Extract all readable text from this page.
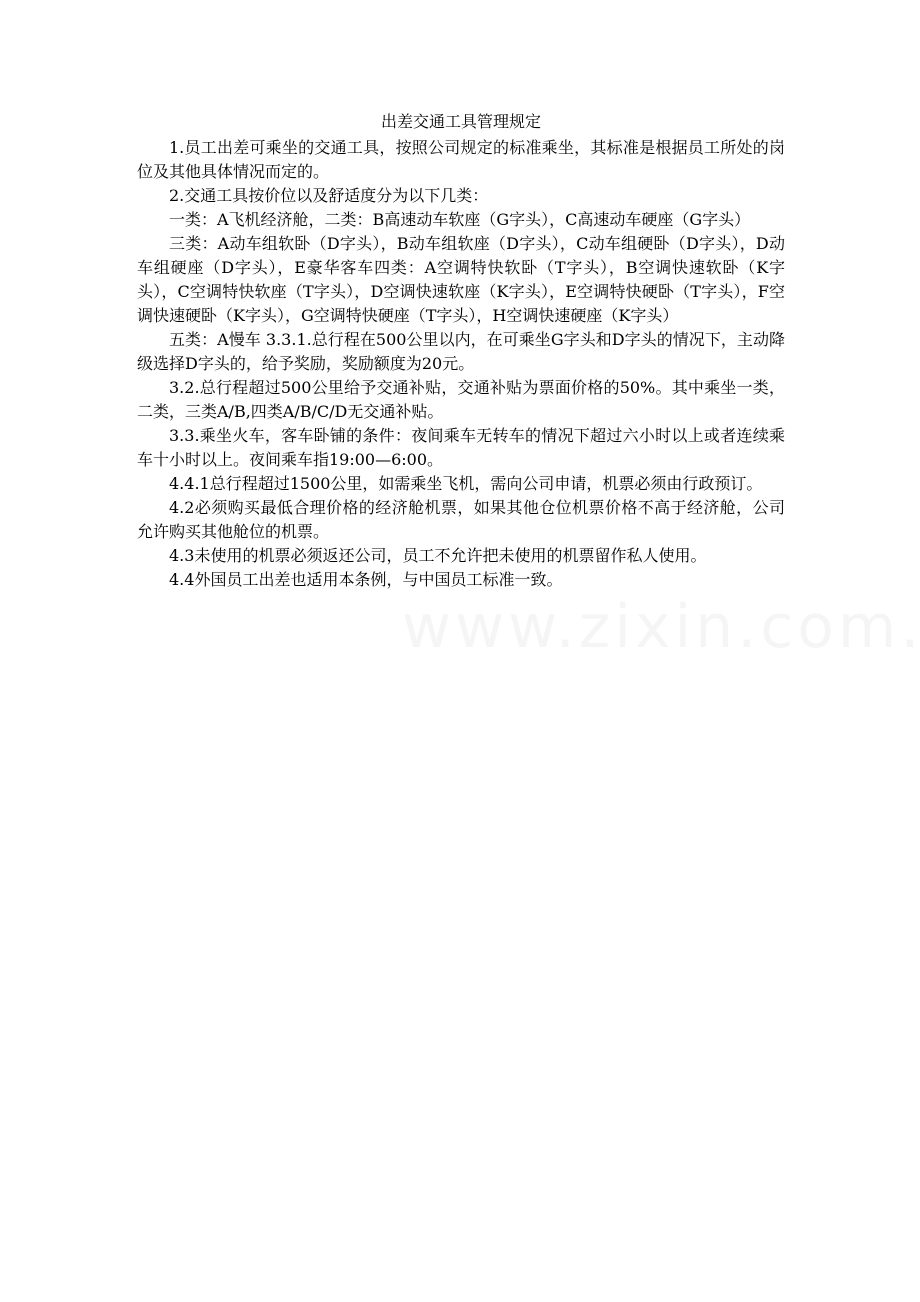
出差交通工具管理规定

1.员工出差可乘坐的交通工具，按照公司规定的标准乘坐，其标准是根据员工所处的岗位及其他具体情况而定的。

2.交通工具按价位以及舒适度分为以下几类：

一类：A飞机经济舱，二类：B高速动车软座（G字头），C高速动车硬座（G字头）

三类：A动车组软卧（D字头），B动车组软座（D字头），C动车组硬卧（D字头），D动车组硬座（D字头），E豪华客车四类：A空调特快软卧（T字头），B空调快速软卧（K字头），C空调特快软座（T字头），D空调快速软座（K字头），E空调特快硬卧（T字头），F空调快速硬卧（K字头），G空调特快硬座（T字头），H空调快速硬座（K字头）

五类：A慢车 3.3.1.总行程在500公里以内，在可乘坐G字头和D字头的情况下，主动降级选择D字头的，给予奖励，奖励额度为20元。

3.2.总行程超过500公里给予交通补贴，交通补贴为票面价格的50%。其中乘坐一类，二类，三类A/B,四类A/B/C/D无交通补贴。

3.3.乘坐火车，客车卧铺的条件：夜间乘车无转车的情况下超过六小时以上或者连续乘车十小时以上。夜间乘车指19:00—6:00。

4.4.1总行程超过1500公里，如需乘坐飞机，需向公司申请，机票必须由行政预订。

4.2必须购买最低合理价格的经济舱机票，如果其他仓位机票价格不高于经济舱，公司允许购买其他舱位的机票。

4.3未使用的机票必须返还公司，员工不允许把未使用的机票留作私人使用。

4.4外国员工出差也适用本条例，与中国员工标准一致。
